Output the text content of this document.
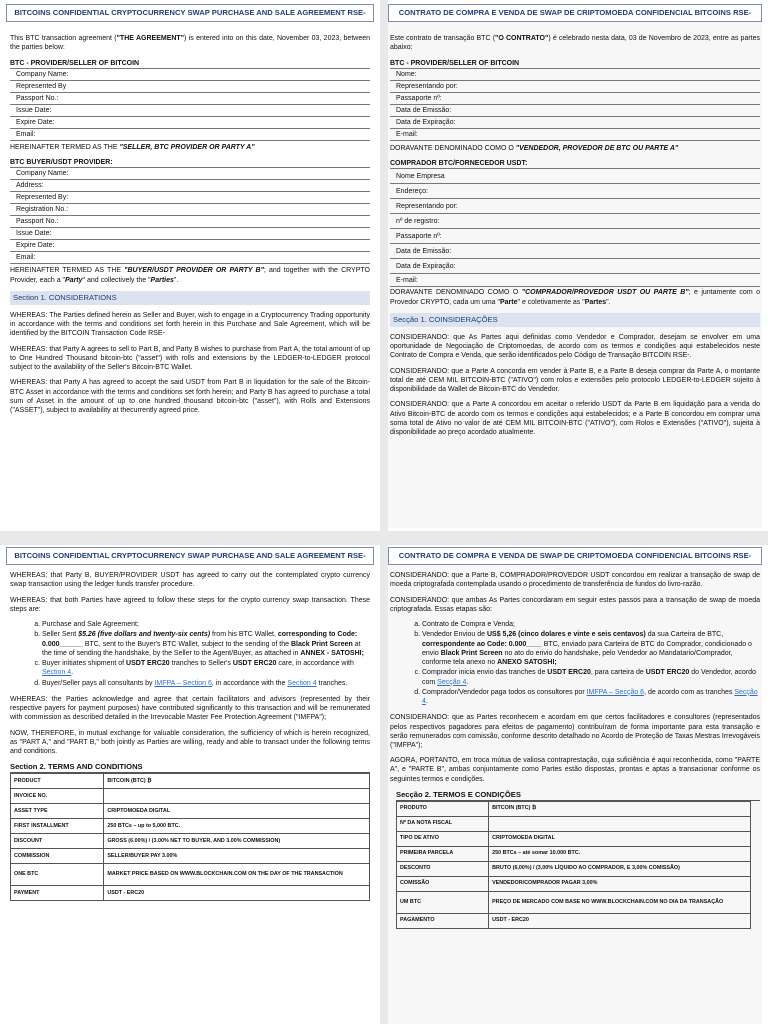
BITCOINS CONFIDENTIAL CRYPTOCURRENCY SWAP PURCHASE AND SALE AGREEMENT RSE-

This BTC transaction agreement ("THE AGREEMENT") is entered into on this date, November 03, 2023, between the parties below:

BTC - PROVIDER/SELLER OF BITCOIN
Company Name:
Represented By
Passport No.:
Issue Date:
Expire Date:
Email:

HEREINAFTER TERMED AS THE "SELLER, BTC PROVIDER OR PARTY A"

BTC BUYER/USDT PROVIDER:
Company Name:
Address:
Represented By:
Registration No.:
Passport No.:
Issue Date:
Expire Date:
Email:

HEREINAFTER TERMED AS THE "BUYER/USDT PROVIDER OR PARTY B"; and together with the CRYPTO Provider, each a "Party" and collectively the "Parties".

Section 1. CONSIDERATIONS

WHEREAS: The Parties defined herein as Seller and Buyer, wish to engage in a Cryptocurrency Trading opportunity in accordance with the terms and conditions set forth herein in this Purchase and Sale Agreement, which will be identified by the BITCOIN Transaction Code RSE-

WHEREAS: that Party A agrees to sell to Part B, and Party B wishes to purchase from Part A, the total amount of up to One Hundred Thousand bitcoin-btc ("asset") with rolls and extensions by the LEDGER-to-LEDGER protocol subject to the availability of the Seller's Bitcoin-BTC Wallet.

WHEREAS: that Party A has agreed to accept the said USDT from Part B in liquidation for the sale of the Bitcoin-BTC Asset in accordance with the terms and conditions set forth herein; and Party B has agreed to purchase a total sum of Asset in the amount of up to one hundred thousand bitcoin-btc ("asset"), with Rolls and Extensions ("ASSET"), subject to availability at thecurrently agreed price.

CONTRATO DE COMPRA E VENDA DE SWAP DE CRIPTOMOEDA CONFIDENCIAL BITCOINS RSE-

Este contrato de transação BTC ("O CONTRATO") é celebrado nesta data, 03 de Novembro de 2023, entre as partes abaixo:

BTC - PROVIDER/SELLER OF BITCOIN
Nome:
Representando por:
Passaporte nº:
Data de Emissão:
Data de Expiração:
E-mail:

DORAVANTE DENOMINADO COMO O "VENDEDOR, PROVEDOR DE BTC OU PARTE A"

COMPRADOR BTC/FORNECEDOR USDT:
Nome Empresa
Endereço:
Representando por:
nº de registro:
Passaporte nº:
Data de Emissão:
Data de Expiração:
E-mail:

DORAVANTE DENOMINADO COMO O "COMPRADOR/PROVEDOR USDT OU PARTE B"; e juntamente com o Provedor CRYPTO, cada um uma "Parte" e coletivamente as "Partes".

Secção 1. COINSIDERAÇÕES

CONSIDERANDO: que As Partes aqui definidas como Vendedor e Comprador, desejam se envolver em uma oportunidade de Negociação de Criptomoedas, de acordo com os termos e condições aqui estabelecidos neste Contrato de Compra e Venda, que serão identificados pelo Código de Transação BITCOIN RSE-.

CONSIDERANDO: que a Parte A concorda em vender à Parte B, e a Parte B deseja comprar da Parte A, o montante total de até CEM MIL BITCOIN-BTC ("ATIVO") com rolos e extensões pelo protocolo LEDGER-to-LEDGER sujeito à disponibilidade da Wallet de Bitcoin-BTC do Vendedor.

CONSIDERANDO: que a Parte A concordou em aceitar o referido USDT da Parte B em liquidação para a venda do Ativo Bitcoin-BTC de acordo com os termos e condições aqui estabelecidos; e a Parte B concordou em comprar uma soma total de Ativo no valor de até CEM MIL BITCOIN-BTC ("ATIVO"), com Rolos e Extensões ("ATIVO"), sujeita à disponibilidade ao preço acordado atualmente.

BITCOINS CONFIDENTIAL CRYPTOCURRENCY SWAP PURCHASE AND SALE AGREEMENT RSE-

WHEREAS: that Party B, BUYER/PROVIDER USDT has agreed to carry out the contemplated crypto currency swap transaction using the ledger funds transfer procedure.

WHEREAS: that both Parties have agreed to follow these steps for the crypto currency swap transaction. These steps are:

a. Purchase and Sale Agreement;
b. Seller Sent $5.26 (five dollars and twenty-six cents) from his BTC Wallet, corresponding to Code: 0.000______ BTC, sent to the Buyer's BTC Wallet, subject to the sending of the Black Print Screen at the time of sending the handshake, by the Seller to the Agent/Buyer, as attached in ANNEX - SATOSHI;
c. Buyer initiates shipment of USDT ERC20 tranches to Seller's USDT ERC20 care, in accordance with Section 4.
d. Buyer/Seller pays all consultants by IMFPA – Section 6, in accordance with the Section 4 tranches.

WHEREAS: the Parties acknowledge and agree that certain facilitators and advisors (represented by their respective payers for payment purposes) have contributed significantly to this transaction and will be remunerated with commission as described detailed in the Irrevocable Master Fee Protection Agreement ("IMFPA");

NOW, THEREFORE, in mutual exchange for valuable consideration, the sufficiency of which is herein recognized, as "PART A," and "PART B," both jointly as Parties are willing, ready and able to transact under the following terms and conditions.

Section 2. TERMS AND CONDITIONS
PRODUCT	BITCOIN (BTC) ₿
INVOICE NO.	
ASSET TYPE	CRIPTOMOEDA DIGITAL
FIRST INSTALLMENT	250 BTCs – up to 5,000 BTC.
DISCOUNT	GROSS (6.00%) / (3.00% NET TO BUYER, AND 3.00% COMMISSION)
COMMISSION	SELLER/BUYER PAY 3.00%
ONE BTC	MARKET PRICE BASED ON WWW.BLOCKCHAIN.COM ON THE DAY OF THE TRANSACTION
PAYMENT	USDT - ERC20
CONTRATO DE COMPRA E VENDA DE SWAP DE CRIPTOMOEDA CONFIDENCIAL BITCOINS RSE-

CONSIDERANDO: que a Parte B, COMPRADOR/PROVEDOR USDT concordou em realizar a transação de swap de moeda criptografada contemplada usando o procedimento de transferência de fundos do livro-razão.

CONSIDERANDO: que ambas As Partes concordaram em seguir estes passos para a transação de swap de moeda criptografada. Essas etapas são:

a. Contrato de Compra e Venda;
b. Vendedor Enviou de US$ 5,26 (cinco dolares e vinte e seis centavos) da sua Carteira de BTC, correspondente ao Code: 0.000____ BTC, enviado para Carteira de BTC do Comprador, condicionado o envio Black Print Screen no ato do envio do handshake, pelo Vendedor ao Mandatario/Comprador, conforme tela anexo no ANEXO SATOSHI;
c. Comprador inicia envio das tranches de USDT ERC20, para carteira de USDT ERC20 do Vendedor, acordo com Secção 4.
d. Comprador/Vendedor paga todos os consultores por IMFPA – Secção 6, de acordo com as tranches Secção 4.

CONSIDERANDO: que as Partes reconhecem e acordam em que certos facilitadores e consultores (representados pelos respectivos pagadores para efeitos de pagamento) contribuíram de forma importante para esta transação e serão remunerados com comissão, conforme descrito detalhado no Acordo de Proteção de Taxas Mestras Irrevogáveis ("IMFPA");

AGORA, PORTANTO, em troca mútua de valiosa contraprestação, cuja suficiência é aqui reconhecida, como "PARTE A", e "PARTE B", ambas conjuntamente como Partes estão dispostas, prontas e aptas a transacionar conforme os seguintes termos e condições.

Secção 2. TERMOS E CONDIÇÕES
PRODUTO	BITCOIN (BTC) ₿
Nº DA NOTA FISCAL	
TIPO DE ATIVO	CRIPTOMOEDA DIGITAL
PRIMEIRA PARCELA	250 BTCs – até somar 10.000 BTC.
DESCONTO	BRUTO (6,00%) / (3,00% LÍQUIDO AO COMPRADOR, E 3,00% COMISSÃO)
COMISSÃO	VENDEDOR/COMPRADOR PAGAR 3,00%
UM BTC	PREÇO DE MERCADO COM BASE NO WWW.BLOCKCHAIN.COM NO DIA DA TRANSAÇÃO
PAGAMENTO	USDT - ERC20
